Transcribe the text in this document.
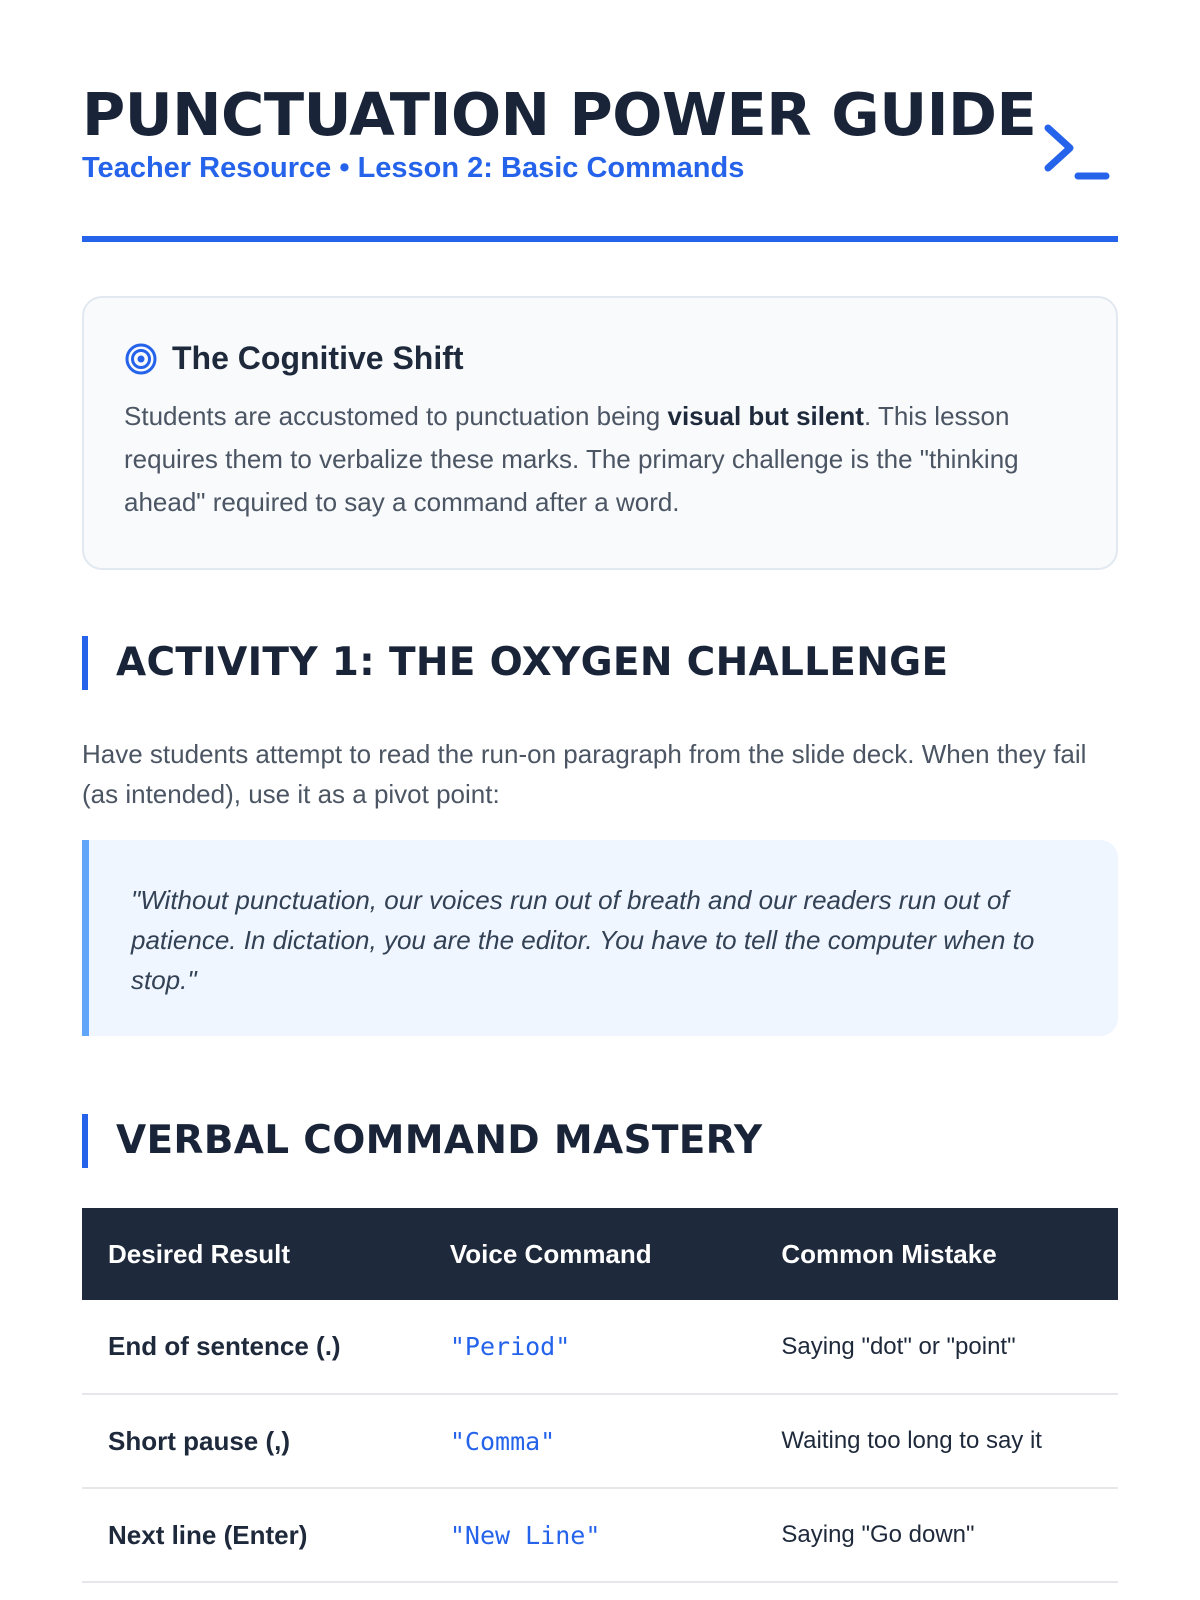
PUNCTUATION POWER GUIDE
Teacher Resource • Lesson 2: Basic Commands
The Cognitive Shift

Students are accustomed to punctuation being visual but silent. This lesson requires them to verbalize these marks. The primary challenge is the "thinking ahead" required to say a command after a word.

ACTIVITY 1: THE OXYGEN CHALLENGE

Have students attempt to read the run-on paragraph from the slide deck. When they fail (as intended), use it as a pivot point:

"Without punctuation, our voices run out of breath and our readers run out of patience. In dictation, you are the editor. You have to tell the computer when to stop."
VERBAL COMMAND MASTERY
Desired Result	Voice Command	Common Mistake
End of sentence (.)	"Period"	Saying "dot" or "point"
Short pause (,)	"Comma"	Waiting too long to say it
Next line (Enter)	"New Line"	Saying "Go down"
